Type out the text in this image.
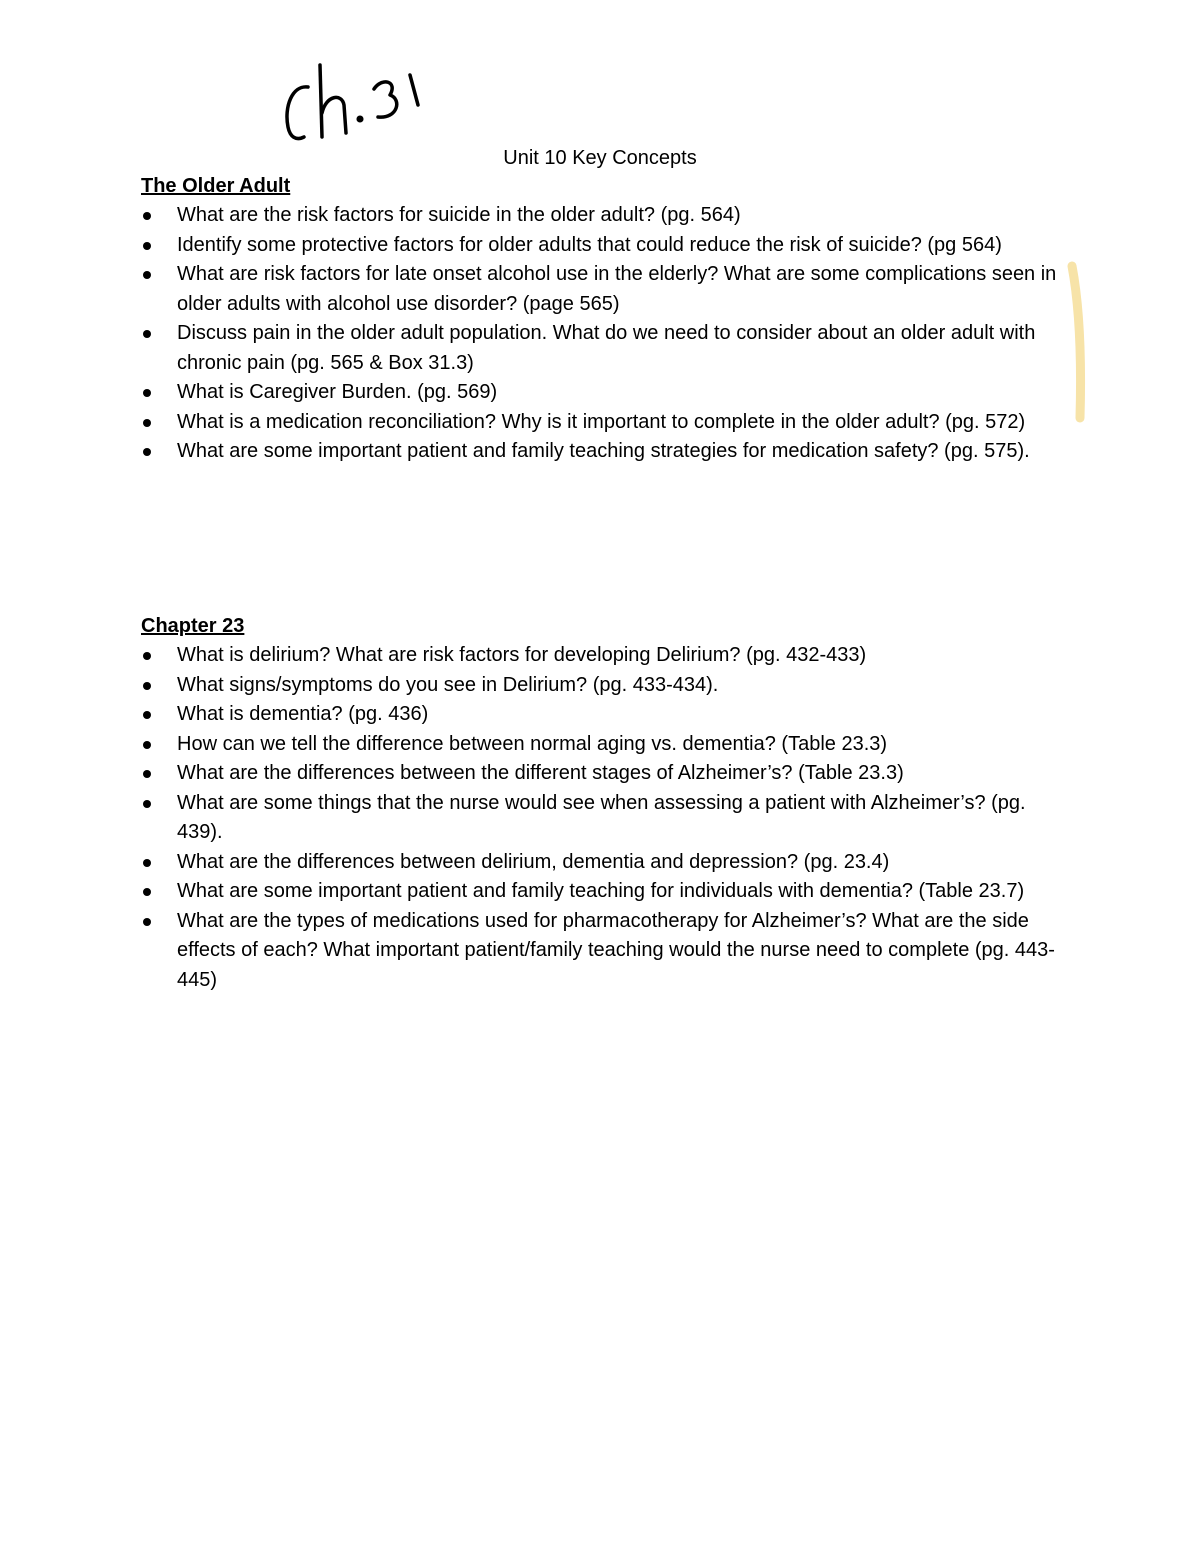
Unit 10 Key Concepts
The Older Adult
What are the risk factors for suicide in the older adult? (pg. 564)
Identify some protective factors for older adults that could reduce the risk of suicide? (pg 564)
What are risk factors for late onset alcohol use in the elderly? What are some complications seen in older adults with alcohol use disorder? (page 565)
Discuss pain in the older adult population. What do we need to consider about an older adult with chronic pain (pg. 565 & Box 31.3)
What is Caregiver Burden. (pg. 569)
What is a medication reconciliation? Why is it important to complete in the older adult? (pg. 572)
What are some important patient and family teaching strategies for medication safety? (pg. 575).
Chapter 23
What is delirium? What are risk factors for developing Delirium? (pg. 432-433)
What signs/symptoms do you see in Delirium? (pg. 433-434).
What is dementia? (pg. 436)
How can we tell the difference between normal aging vs. dementia? (Table 23.3)
What are the differences between the different stages of Alzheimer’s? (Table 23.3)
What are some things that the nurse would see when assessing a patient with Alzheimer’s? (pg. 439).
What are the differences between delirium, dementia and depression? (pg. 23.4)
What are some important patient and family teaching for individuals with dementia? (Table 23.7)
What are the types of medications used for pharmacotherapy for Alzheimer’s? What are the side effects of each? What important patient/family teaching would the nurse need to complete (pg. 443-445)
